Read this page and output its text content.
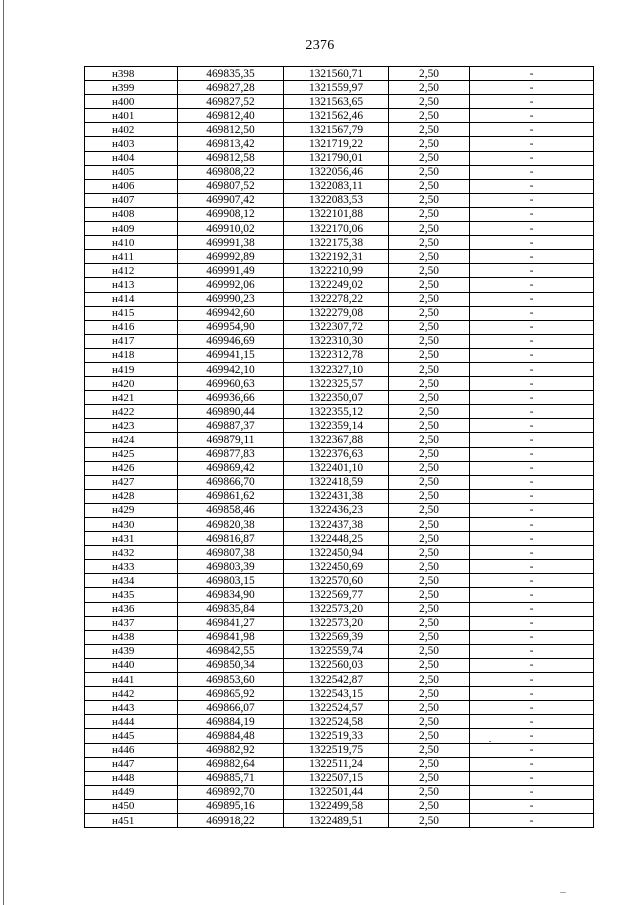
2376
н398	469835,35	1321560,71	2,50	-
н399	469827,28	1321559,97	2,50	-
н400	469827,52	1321563,65	2,50	-
н401	469812,40	1321562,46	2,50	-
н402	469812,50	1321567,79	2,50	-
н403	469813,42	1321719,22	2,50	-
н404	469812,58	1321790,01	2,50	-
н405	469808,22	1322056,46	2,50	-
н406	469807,52	1322083,11	2,50	-
н407	469907,42	1322083,53	2,50	-
н408	469908,12	1322101,88	2,50	-
н409	469910,02	1322170,06	2,50	-
н410	469991,38	1322175,38	2,50	-
н411	469992,89	1322192,31	2,50	-
н412	469991,49	1322210,99	2,50	-
н413	469992,06	1322249,02	2,50	-
н414	469990,23	1322278,22	2,50	-
н415	469942,60	1322279,08	2,50	-
н416	469954,90	1322307,72	2,50	-
н417	469946,69	1322310,30	2,50	-
н418	469941,15	1322312,78	2,50	-
н419	469942,10	1322327,10	2,50	-
н420	469960,63	1322325,57	2,50	-
н421	469936,66	1322350,07	2,50	-
н422	469890,44	1322355,12	2,50	-
н423	469887,37	1322359,14	2,50	-
н424	469879,11	1322367,88	2,50	-
н425	469877,83	1322376,63	2,50	-
н426	469869,42	1322401,10	2,50	-
н427	469866,70	1322418,59	2,50	-
н428	469861,62	1322431,38	2,50	-
н429	469858,46	1322436,23	2,50	-
н430	469820,38	1322437,38	2,50	-
н431	469816,87	1322448,25	2,50	-
н432	469807,38	1322450,94	2,50	-
н433	469803,39	1322450,69	2,50	-
н434	469803,15	1322570,60	2,50	-
н435	469834,90	1322569,77	2,50	-
н436	469835,84	1322573,20	2,50	-
н437	469841,27	1322573,20	2,50	-
н438	469841,98	1322569,39	2,50	-
н439	469842,55	1322559,74	2,50	-
н440	469850,34	1322560,03	2,50	-
н441	469853,60	1322542,87	2,50	-
н442	469865,92	1322543,15	2,50	-
н443	469866,07	1322524,57	2,50	-
н444	469884,19	1322524,58	2,50	-
н445	469884,48	1322519,33	2,50	-
н446	469882,92	1322519,75	2,50	-
н447	469882,64	1322511,24	2,50	-
н448	469885,71	1322507,15	2,50	-
н449	469892,70	1322501,44	2,50	-
н450	469895,16	1322499,58	2,50	-
н451	469918,22	1322489,51	2,50	-
